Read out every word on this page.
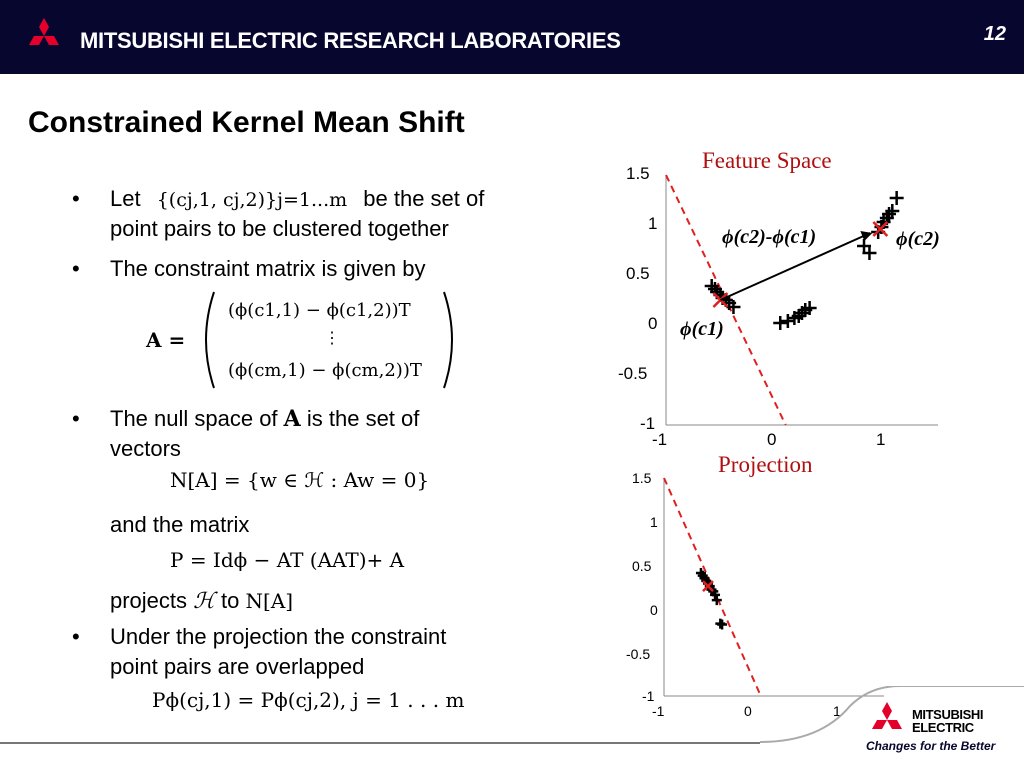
MITSUBISHI ELECTRIC RESEARCH LABORATORIES	12
Constrained Kernel Mean Shift
• Let {(cj,1, cj,2)}j=1...m be the set of
point pairs to be clustered together
• The constraint matrix is given by
A =
(ϕ(c1,1) − ϕ(c1,2))T
⋮
(ϕ(cm,1) − ϕ(cm,2))T
• The null space of A is the set of
vectors
N[A] = {w ∈ ℋ : Aw = 0}
and the matrix
P = Idϕ − AT (AAT)+ A
projects ℋ to N[A]
• Under the projection the constraint
point pairs are overlapped
Pϕ(cj,1) = Pϕ(cj,2), j = 1 . . . m
Feature Space
1.5
1
0.5
0
-0.5
-1
-1	0	1
ϕ(c2)-ϕ(c1)	ϕ(c2)
ϕ(c1)
Projection
1.5
1
0.5
0
-0.5
-1
-1	0	1	MITSUBISHI
ELECTRIC
Changes for the Better
